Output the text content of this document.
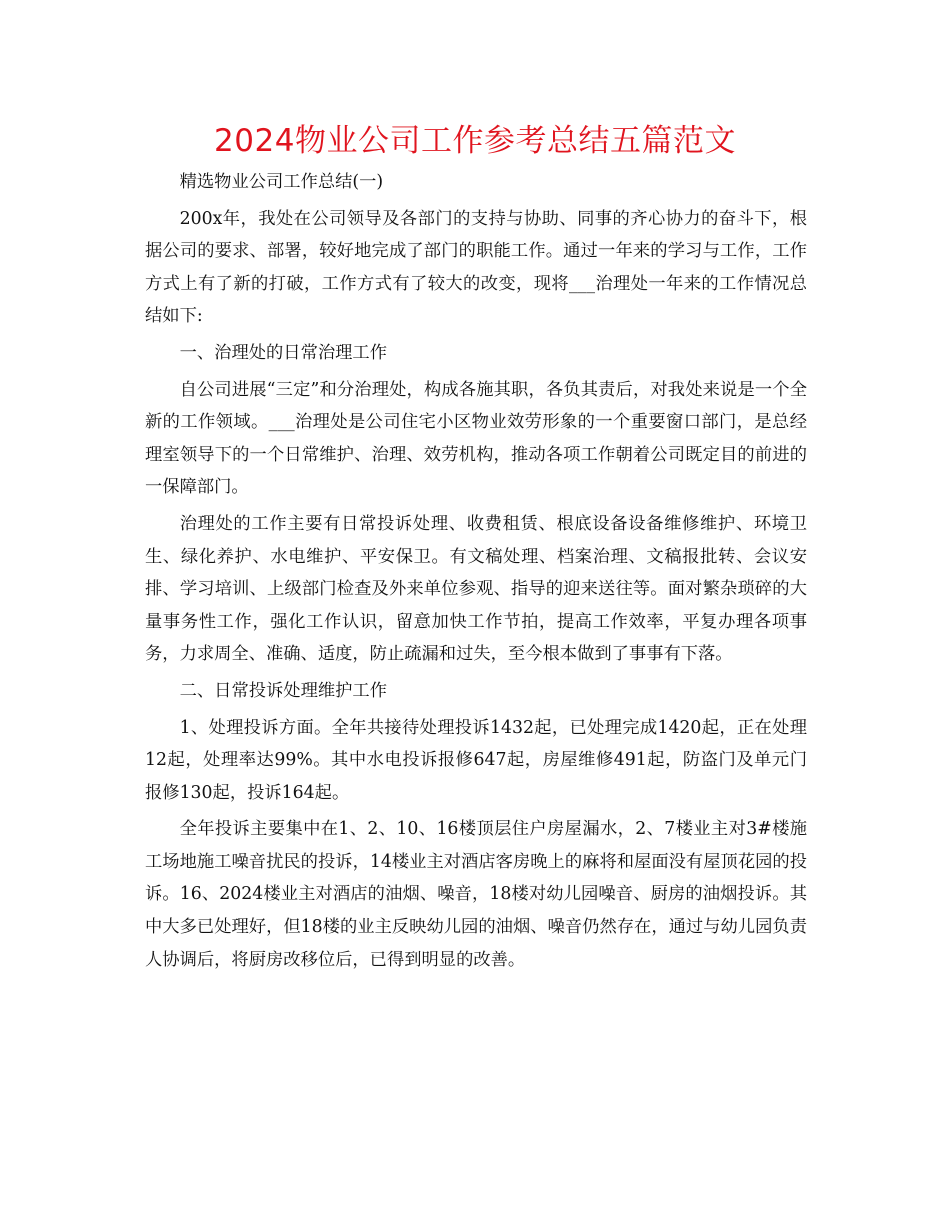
2024物业公司工作参考总结五篇范文

精选物业公司工作总结(一)

200x年，我处在公司领导及各部门的支持与协助、同事的齐心协力的奋斗下，根据公司的要求、部署，较好地完成了部门的职能工作。通过一年来的学习与工作，工作方式上有了新的打破，工作方式有了较大的改变，现将___治理处一年来的工作情况总结如下:

一、治理处的日常治理工作

自公司进展“三定”和分治理处，构成各施其职，各负其责后，对我处来说是一个全新的工作领域。___治理处是公司住宅小区物业效劳形象的一个重要窗口部门，是总经理室领导下的一个日常维护、治理、效劳机构，推动各项工作朝着公司既定目的前进的一保障部门。

治理处的工作主要有日常投诉处理、收费租赁、根底设备设备维修维护、环境卫生、绿化养护、水电维护、平安保卫。有文稿处理、档案治理、文稿报批转、会议安排、学习培训、上级部门检查及外来单位参观、指导的迎来送往等。面对繁杂琐碎的大量事务性工作，强化工作认识，留意加快工作节拍，提高工作效率，平复办理各项事务，力求周全、准确、适度，防止疏漏和过失，至今根本做到了事事有下落。

二、日常投诉处理维护工作

1、处理投诉方面。全年共接待处理投诉1432起，已处理完成1420起，正在处理12起，处理率达99%。其中水电投诉报修647起，房屋维修491起，防盗门及单元门报修130起，投诉164起。

全年投诉主要集中在1、2、10、16楼顶层住户房屋漏水，2、7楼业主对3#楼施工场地施工噪音扰民的投诉，14楼业主对酒店客房晚上的麻将和屋面没有屋顶花园的投诉。16、2024楼业主对酒店的油烟、噪音，18楼对幼儿园噪音、厨房的油烟投诉。其中大多已处理好，但18楼的业主反映幼儿园的油烟、噪音仍然存在，通过与幼儿园负责人协调后，将厨房改移位后，已得到明显的改善。
